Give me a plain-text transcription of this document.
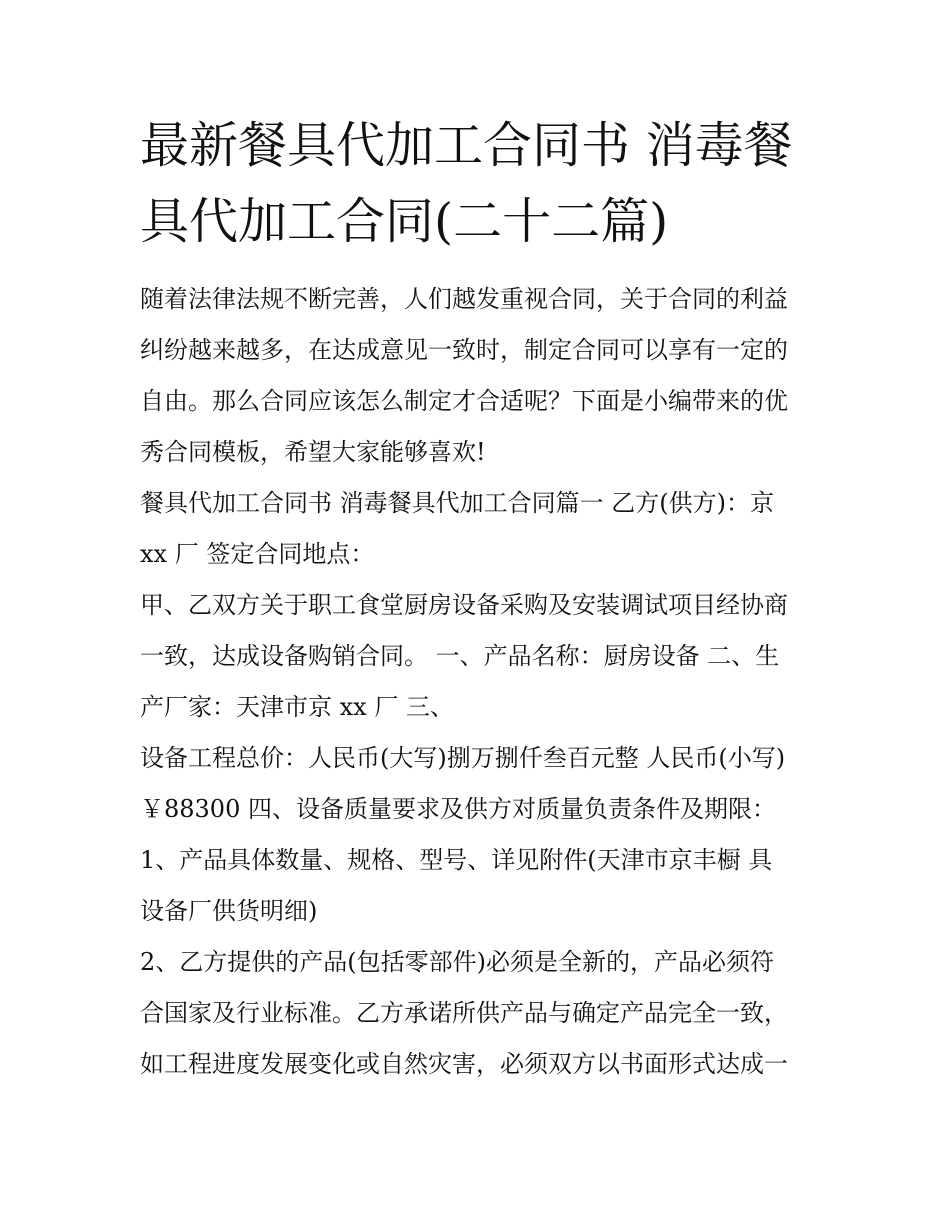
最新餐具代加工合同书 消毒餐
具代加工合同(二十二篇)
随着法律法规不断完善，人们越发重视合同，关于合同的利益
纠纷越来越多，在达成意见一致时，制定合同可以享有一定的
自由。那么合同应该怎么制定才合适呢？下面是小编带来的优
秀合同模板，希望大家能够喜欢!
餐具代加工合同书 消毒餐具代加工合同篇一 乙方(供方)：京
xx 厂 签定合同地点：
甲、乙双方关于职工食堂厨房设备采购及安装调试项目经协商
一致，达成设备购销合同。 一、产品名称：厨房设备 二、生
产厂家：天津市京 xx 厂 三、
设备工程总价：人民币(大写)捌万捌仟叁百元整 人民币(小写)
￥88300 四、设备质量要求及供方对质量负责条件及期限：
1、产品具体数量、规格、型号、详见附件(天津市京丰橱 具
设备厂供货明细)
2、乙方提供的产品(包括零部件)必须是全新的，产品必须符
合国家及行业标准。乙方承诺所供产品与确定产品完全一致，
如工程进度发展变化或自然灾害，必须双方以书面形式达成一
